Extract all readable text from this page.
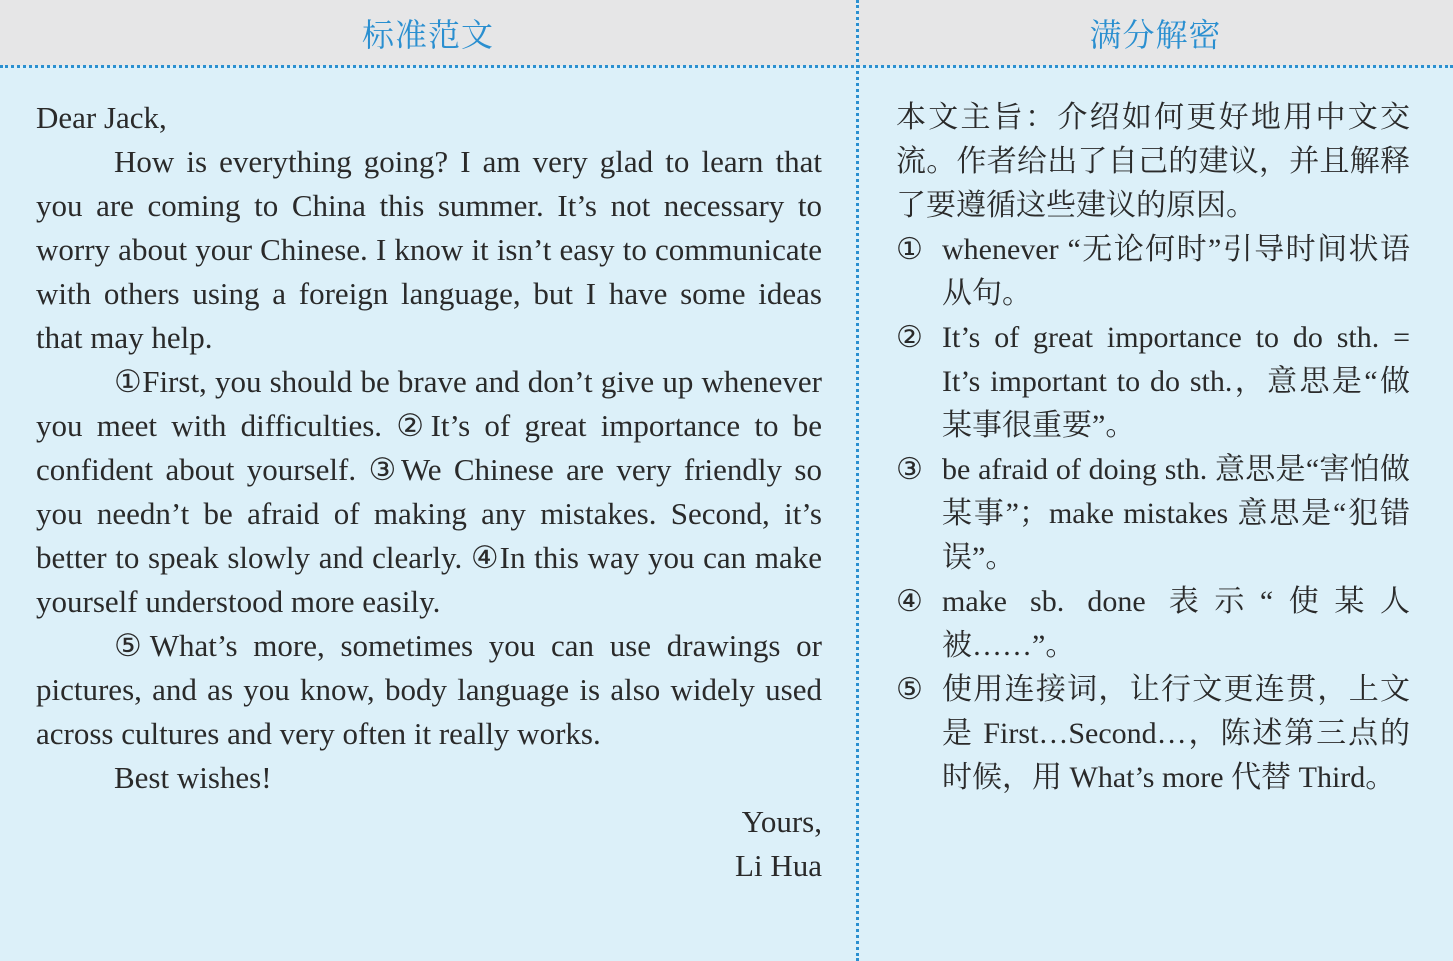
标准范文	满分解密

Dear Jack,

How is everything going? I am very glad to learn that you are coming to China this summer. It’s not necessary to worry about your Chinese. I know it isn’t easy to communicate with others using a foreign language, but I have some ideas that may help.

①First, you should be brave and don’t give up whenever you meet with difficulties. ②It’s of great importance to be confident about yourself. ③We Chinese are very friendly so you needn’t be afraid of making any mistakes. Second, it’s better to speak slowly and clearly. ④In this way you can make yourself understood more easily.

⑤What’s more, sometimes you can use drawings or pictures, and as you know, body language is also widely used across cultures and very often it really works.

Best wishes!

Yours,

Li Hua

本文主旨：介绍如何更好地用中文交流。作者给出了自己的建议，并且解释了要遵循这些建议的原因。

① whenever “无论何时”引导时间状语从句。
② It’s of great importance to do sth. = It’s important to do sth.，意思是“做某事很重要”。
③ be afraid of doing sth. 意思是“害怕做某事”；make mistakes 意思是“犯错误”。
④ make sb. done 表示“使某人被……”。
⑤ 使用连接词，让行文更连贯，上文是 First…Second…，陈述第三点的时候，用 What’s more 代替 Third。
